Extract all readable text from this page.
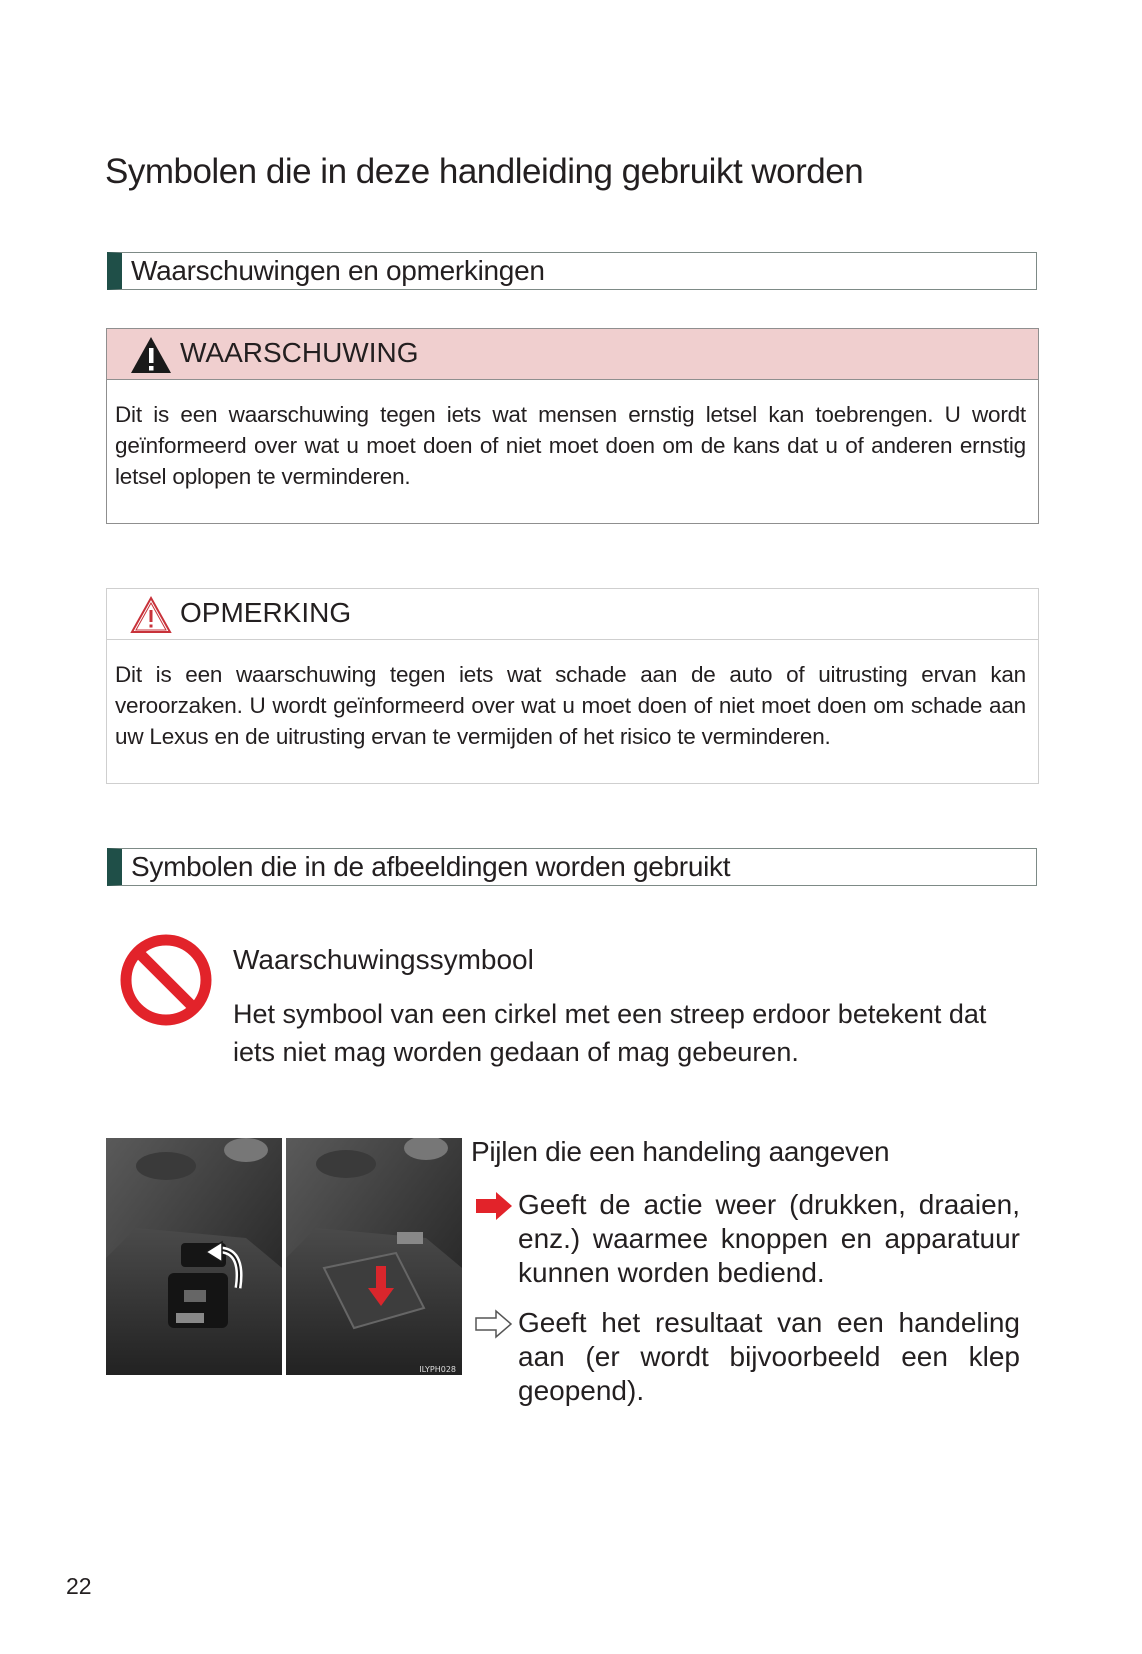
Symbolen die in deze handleiding gebruikt worden
Waarschuwingen en opmerkingen
WAARSCHUWING
Dit is een waarschuwing tegen iets wat mensen ernstig letsel kan toebrengen. U wordt geïnformeerd over wat u moet doen of niet moet doen om de kans dat u of anderen ernstig letsel oplopen te verminderen.
OPMERKING
Dit is een waarschuwing tegen iets wat schade aan de auto of uitrusting ervan kan veroorzaken. U wordt geïnformeerd over wat u moet doen of niet moet doen om schade aan uw Lexus en de uitrusting ervan te vermijden of het risico te verminderen.
Symbolen die in de afbeeldingen worden gebruikt
Waarschuwingssymbool
Het symbool van een cirkel met een streep erdoor betekent dat iets niet mag worden gedaan of mag gebeuren.
ILYPH028
Pijlen die een handeling aangeven
Geeft de actie weer (drukken, draaien, enz.) waarmee knoppen en apparatuur kunnen worden bediend.
Geeft het resultaat van een handeling aan (er wordt bijvoorbeeld een klep geopend).
22
